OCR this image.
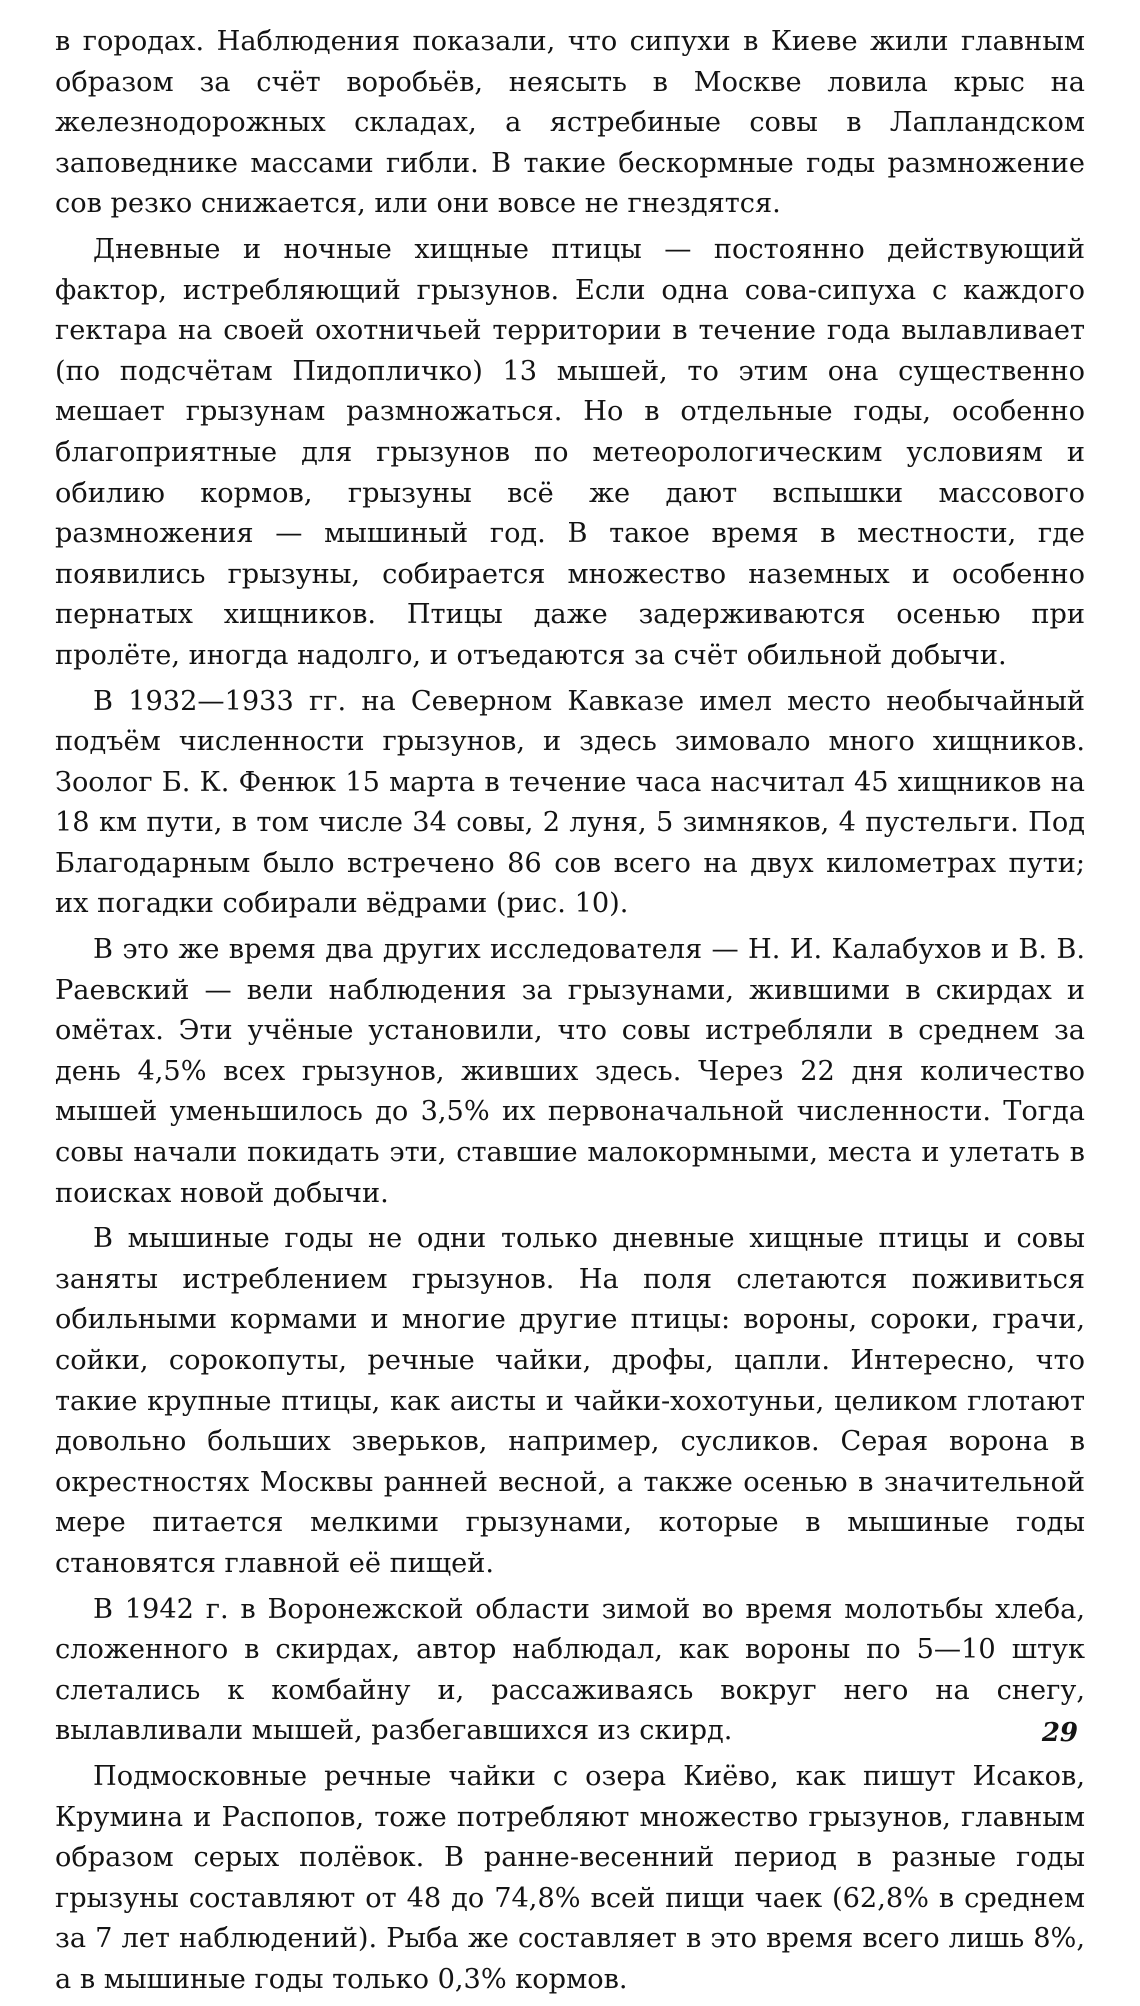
в городах. Наблюдения показали, что сипухи в Киеве жили главным образом за счёт воробьёв, неясыть в Москве ловила крыс на железнодорожных складах, а ястребиные совы в Лапландском заповеднике массами гибли. В такие бескормные годы размножение сов резко снижается, или они вовсе не гнездятся.

Дневные и ночные хищные птицы — постоянно действующий фактор, истребляющий грызунов. Если одна сова-сипуха с каждого гектара на своей охотничьей территории в течение года вылавливает (по подсчётам Пидопличко) 13 мышей, то этим она существенно мешает грызунам размножаться. Но в отдельные годы, особенно благоприятные для грызунов по метеорологическим условиям и обилию кормов, грызуны всё же дают вспышки массового размножения — мышиный год. В такое время в местности, где появились грызуны, собирается множество наземных и особенно пернатых хищников. Птицы даже задерживаются осенью при пролёте, иногда надолго, и отъедаются за счёт обильной добычи.

В 1932—1933 гг. на Северном Кавказе имел место необычайный подъём численности грызунов, и здесь зимовало много хищников. Зоолог Б. К. Фенюк 15 марта в течение часа насчитал 45 хищников на 18 км пути, в том числе 34 совы, 2 луня, 5 зимняков, 4 пустельги. Под Благодарным было встречено 86 сов всего на двух километрах пути; их погадки собирали вёдрами (рис. 10).

В это же время два других исследователя — Н. И. Калабухов и В. В. Раевский — вели наблюдения за грызунами, жившими в скирдах и омётах. Эти учёные установили, что совы истребляли в среднем за день 4,5% всех грызунов, живших здесь. Через 22 дня количество мышей уменьшилось до 3,5% их первоначальной численности. Тогда совы начали покидать эти, ставшие малокормными, места и улетать в поисках новой добычи.

В мышиные годы не одни только дневные хищные птицы и совы заняты истреблением грызунов. На поля слетаются поживиться обильными кормами и многие другие птицы: вороны, сороки, грачи, сойки, сорокопуты, речные чайки, дрофы, цапли. Интересно, что такие крупные птицы, как аисты и чайки-хохотуньи, целиком глотают довольно больших зверьков, например, сусликов. Серая ворона в окрестностях Москвы ранней весной, а также осенью в значительной мере питается мелкими грызунами, которые в мышиные годы становятся главной её пищей.

В 1942 г. в Воронежской области зимой во время молотьбы хлеба, сложенного в скирдах, автор наблюдал, как вороны по 5—10 штук слетались к комбайну и, рассаживаясь вокруг него на снегу, вылавливали мышей, разбегавшихся из скирд.

Подмосковные речные чайки с озера Киёво, как пишут Исаков, Крумина и Распопов, тоже потребляют множество грызунов, главным образом серых полёвок. В ранне-весенний период в разные годы грызуны составляют от 48 до 74,8% всей пищи чаек (62,8% в среднем за 7 лет наблюдений). Рыба же составляет в это время всего лишь 8%, а в мышиные годы только 0,3% кормов.

29
